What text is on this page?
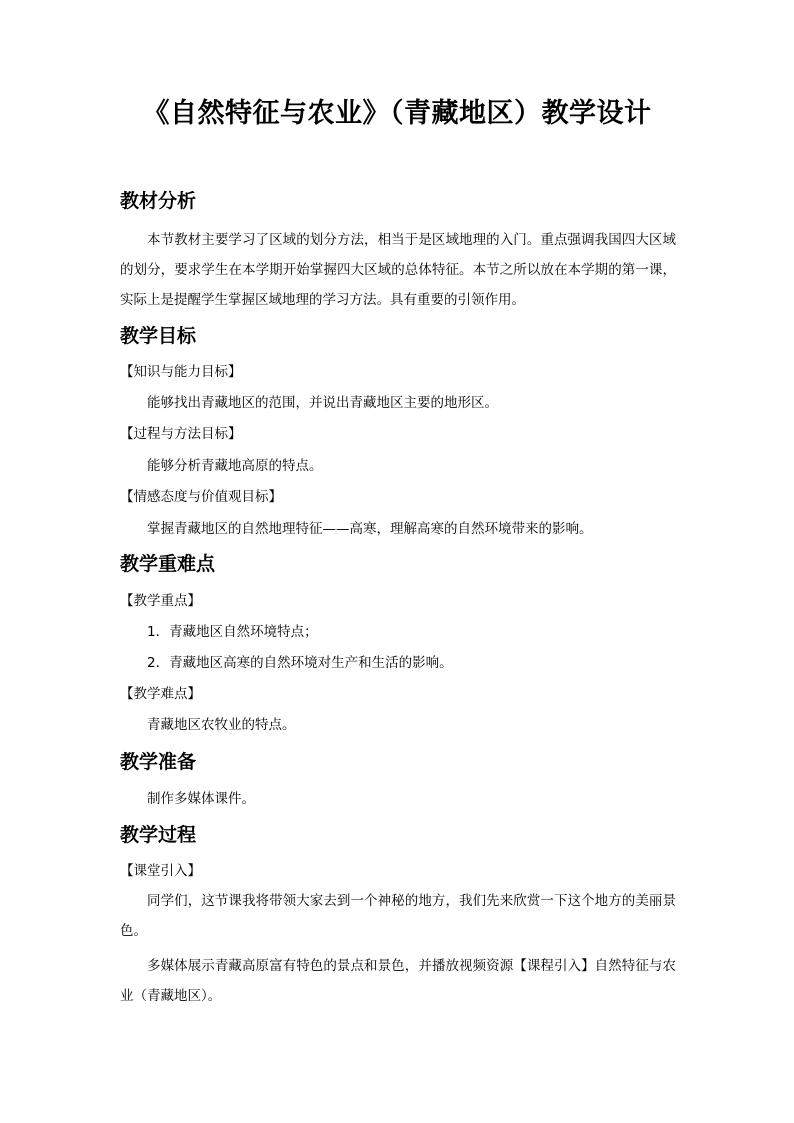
《自然特征与农业》（青藏地区）教学设计
教材分析
本节教材主要学习了区域的划分方法，相当于是区域地理的入门。重点强调我国四大区域的划分，要求学生在本学期开始掌握四大区域的总体特征。本节之所以放在本学期的第一课，实际上是提醒学生掌握区域地理的学习方法。具有重要的引领作用。
教学目标
【知识与能力目标】
能够找出青藏地区的范围，并说出青藏地区主要的地形区。
【过程与方法目标】
能够分析青藏地高原的特点。
【情感态度与价值观目标】
掌握青藏地区的自然地理特征——高寒，理解高寒的自然环境带来的影响。
教学重难点
【教学重点】
1．青藏地区自然环境特点；
2．青藏地区高寒的自然环境对生产和生活的影响。
【教学难点】
青藏地区农牧业的特点。
教学准备
制作多媒体课件。
教学过程
【课堂引入】
同学们，这节课我将带领大家去到一个神秘的地方，我们先来欣赏一下这个地方的美丽景色。
多媒体展示青藏高原富有特色的景点和景色，并播放视频资源【课程引入】自然特征与农业（青藏地区）。
